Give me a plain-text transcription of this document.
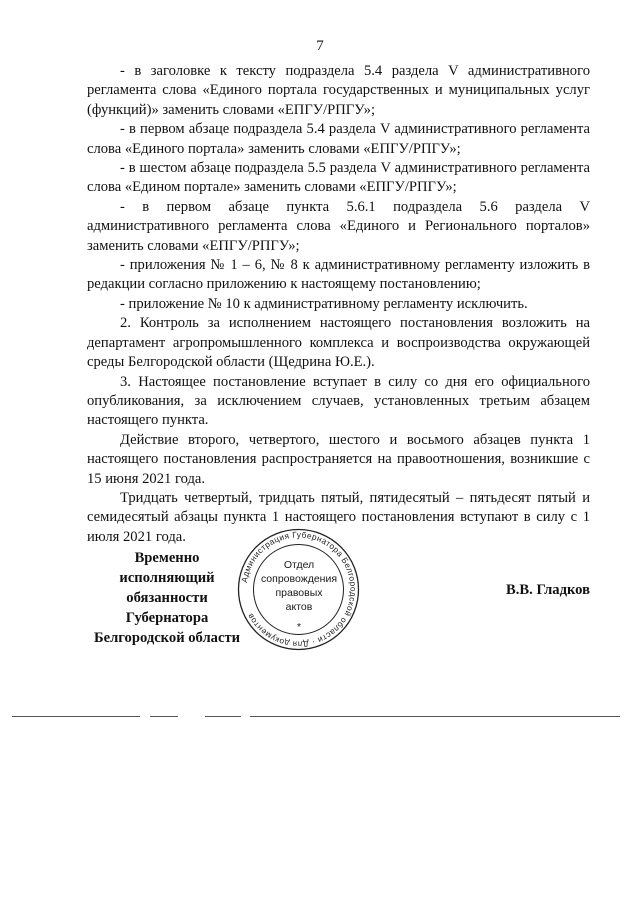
7

- в заголовке к тексту подраздела 5.4 раздела V административного регламента слова «Единого портала государственных и муниципальных услуг (функций)» заменить словами «ЕПГУ/РПГУ»;

- в первом абзаце подраздела 5.4 раздела V административного регламента слова «Единого портала» заменить словами «ЕПГУ/РПГУ»;

- в шестом абзаце подраздела 5.5 раздела V административного регламента слова «Едином портале» заменить словами «ЕПГУ/РПГУ»;

- в первом абзаце пункта 5.6.1 подраздела 5.6 раздела V административного регламента слова «Единого и Регионального порталов» заменить словами «ЕПГУ/РПГУ»;

- приложения № 1 – 6, № 8 к административному регламенту изложить в редакции согласно приложению к настоящему постановлению;

- приложение № 10 к административному регламенту исключить.

2. Контроль за исполнением настоящего постановления возложить на департамент агропромышленного комплекса и воспроизводства окружающей среды Белгородской области (Щедрина Ю.Е.).

3. Настоящее постановление вступает в силу со дня его официального опубликования, за исключением случаев, установленных третьим абзацем настоящего пункта.

Действие второго, четвертого, шестого и восьмого абзацев пункта 1 настоящего постановления распространяется на правоотношения, возникшие с 15 июня 2021 года.

Тридцать четвертый, тридцать пятый, пятидесятый – пятьдесят пятый и семидесятый абзацы пункта 1 настоящего постановления вступают в силу с 1 июля 2021 года.

Временно исполняющий
обязанности Губернатора
Белгородской области
Администрация Губернатора Белгородской области · Для документов
Отдел
сопровождения
правовых
актов
*
В.В. Гладков
